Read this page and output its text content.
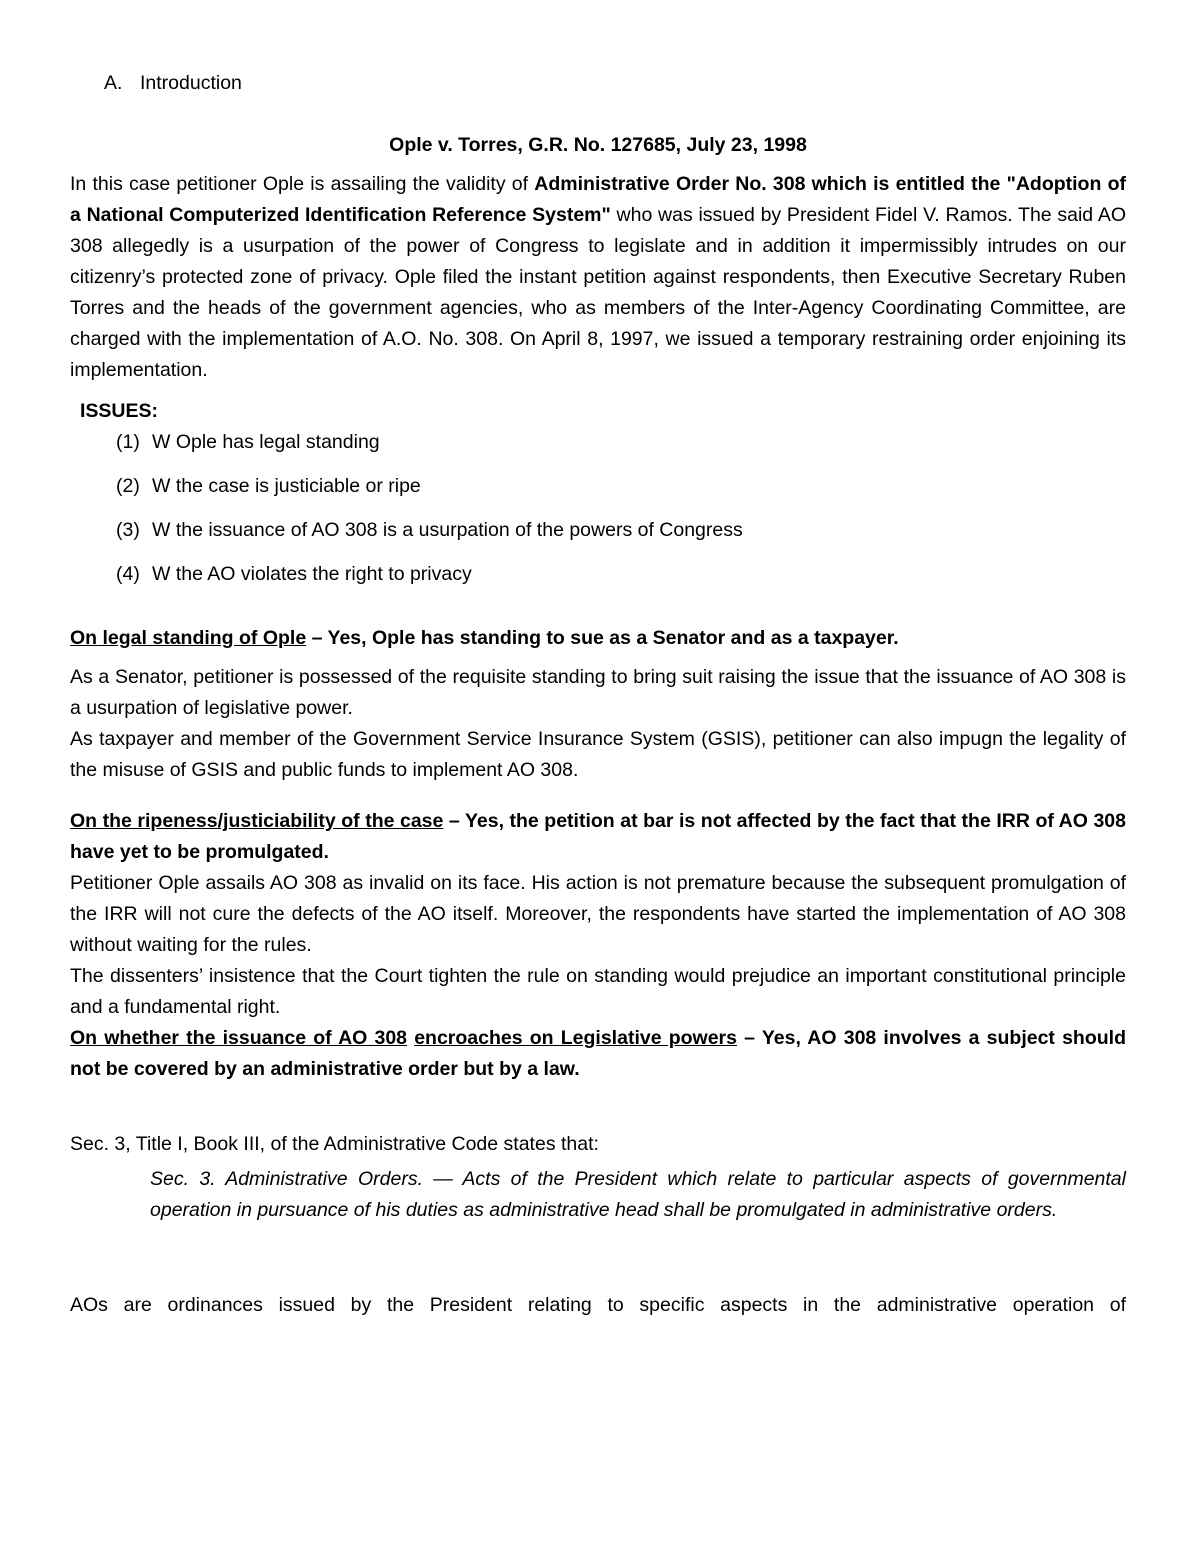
A. Introduction
Ople v. Torres, G.R. No. 127685, July 23, 1998

In this case petitioner Ople is assailing the validity of Administrative Order No. 308 which is entitled the "Adoption of a National Computerized Identification Reference System" who was issued by President Fidel V. Ramos. The said AO 308 allegedly is a usurpation of the power of Congress to legislate and in addition it impermissibly intrudes on our citizenry’s protected zone of privacy. Ople filed the instant petition against respondents, then Executive Secretary Ruben Torres and the heads of the government agencies, who as members of the Inter-Agency Coordinating Committee, are charged with the implementation of A.O. No. 308. On April 8, 1997, we issued a temporary restraining order enjoining its implementation.

ISSUES:
(1) W Ople has legal standing
(2) W the case is justiciable or ripe
(3) W the issuance of AO 308 is a usurpation of the powers of Congress
(4) W the AO violates the right to privacy

On legal standing of Ople – Yes, Ople has standing to sue as a Senator and as a taxpayer.

As a Senator, petitioner is possessed of the requisite standing to bring suit raising the issue that the issuance of AO 308 is a usurpation of legislative power.

As taxpayer and member of the Government Service Insurance System (GSIS), petitioner can also impugn the legality of the misuse of GSIS and public funds to implement AO 308.

On the ripeness/justiciability of the case – Yes, the petition at bar is not affected by the fact that the IRR of AO 308 have yet to be promulgated.

Petitioner Ople assails AO 308 as invalid on its face. His action is not premature because the subsequent promulgation of the IRR will not cure the defects of the AO itself. Moreover, the respondents have started the implementation of AO 308 without waiting for the rules.

The dissenters’ insistence that the Court tighten the rule on standing would prejudice an important constitutional principle and a fundamental right.

On whether the issuance of AO 308 encroaches on Legislative powers – Yes, AO 308 involves a subject should not be covered by an administrative order but by a law.

Sec. 3, Title I, Book III, of the Administrative Code states that:

Sec. 3. Administrative Orders. — Acts of the President which relate to particular aspects of governmental operation in pursuance of his duties as administrative head shall be promulgated in administrative orders.

AOs are ordinances issued by the President relating to specific aspects in the administrative operation of
